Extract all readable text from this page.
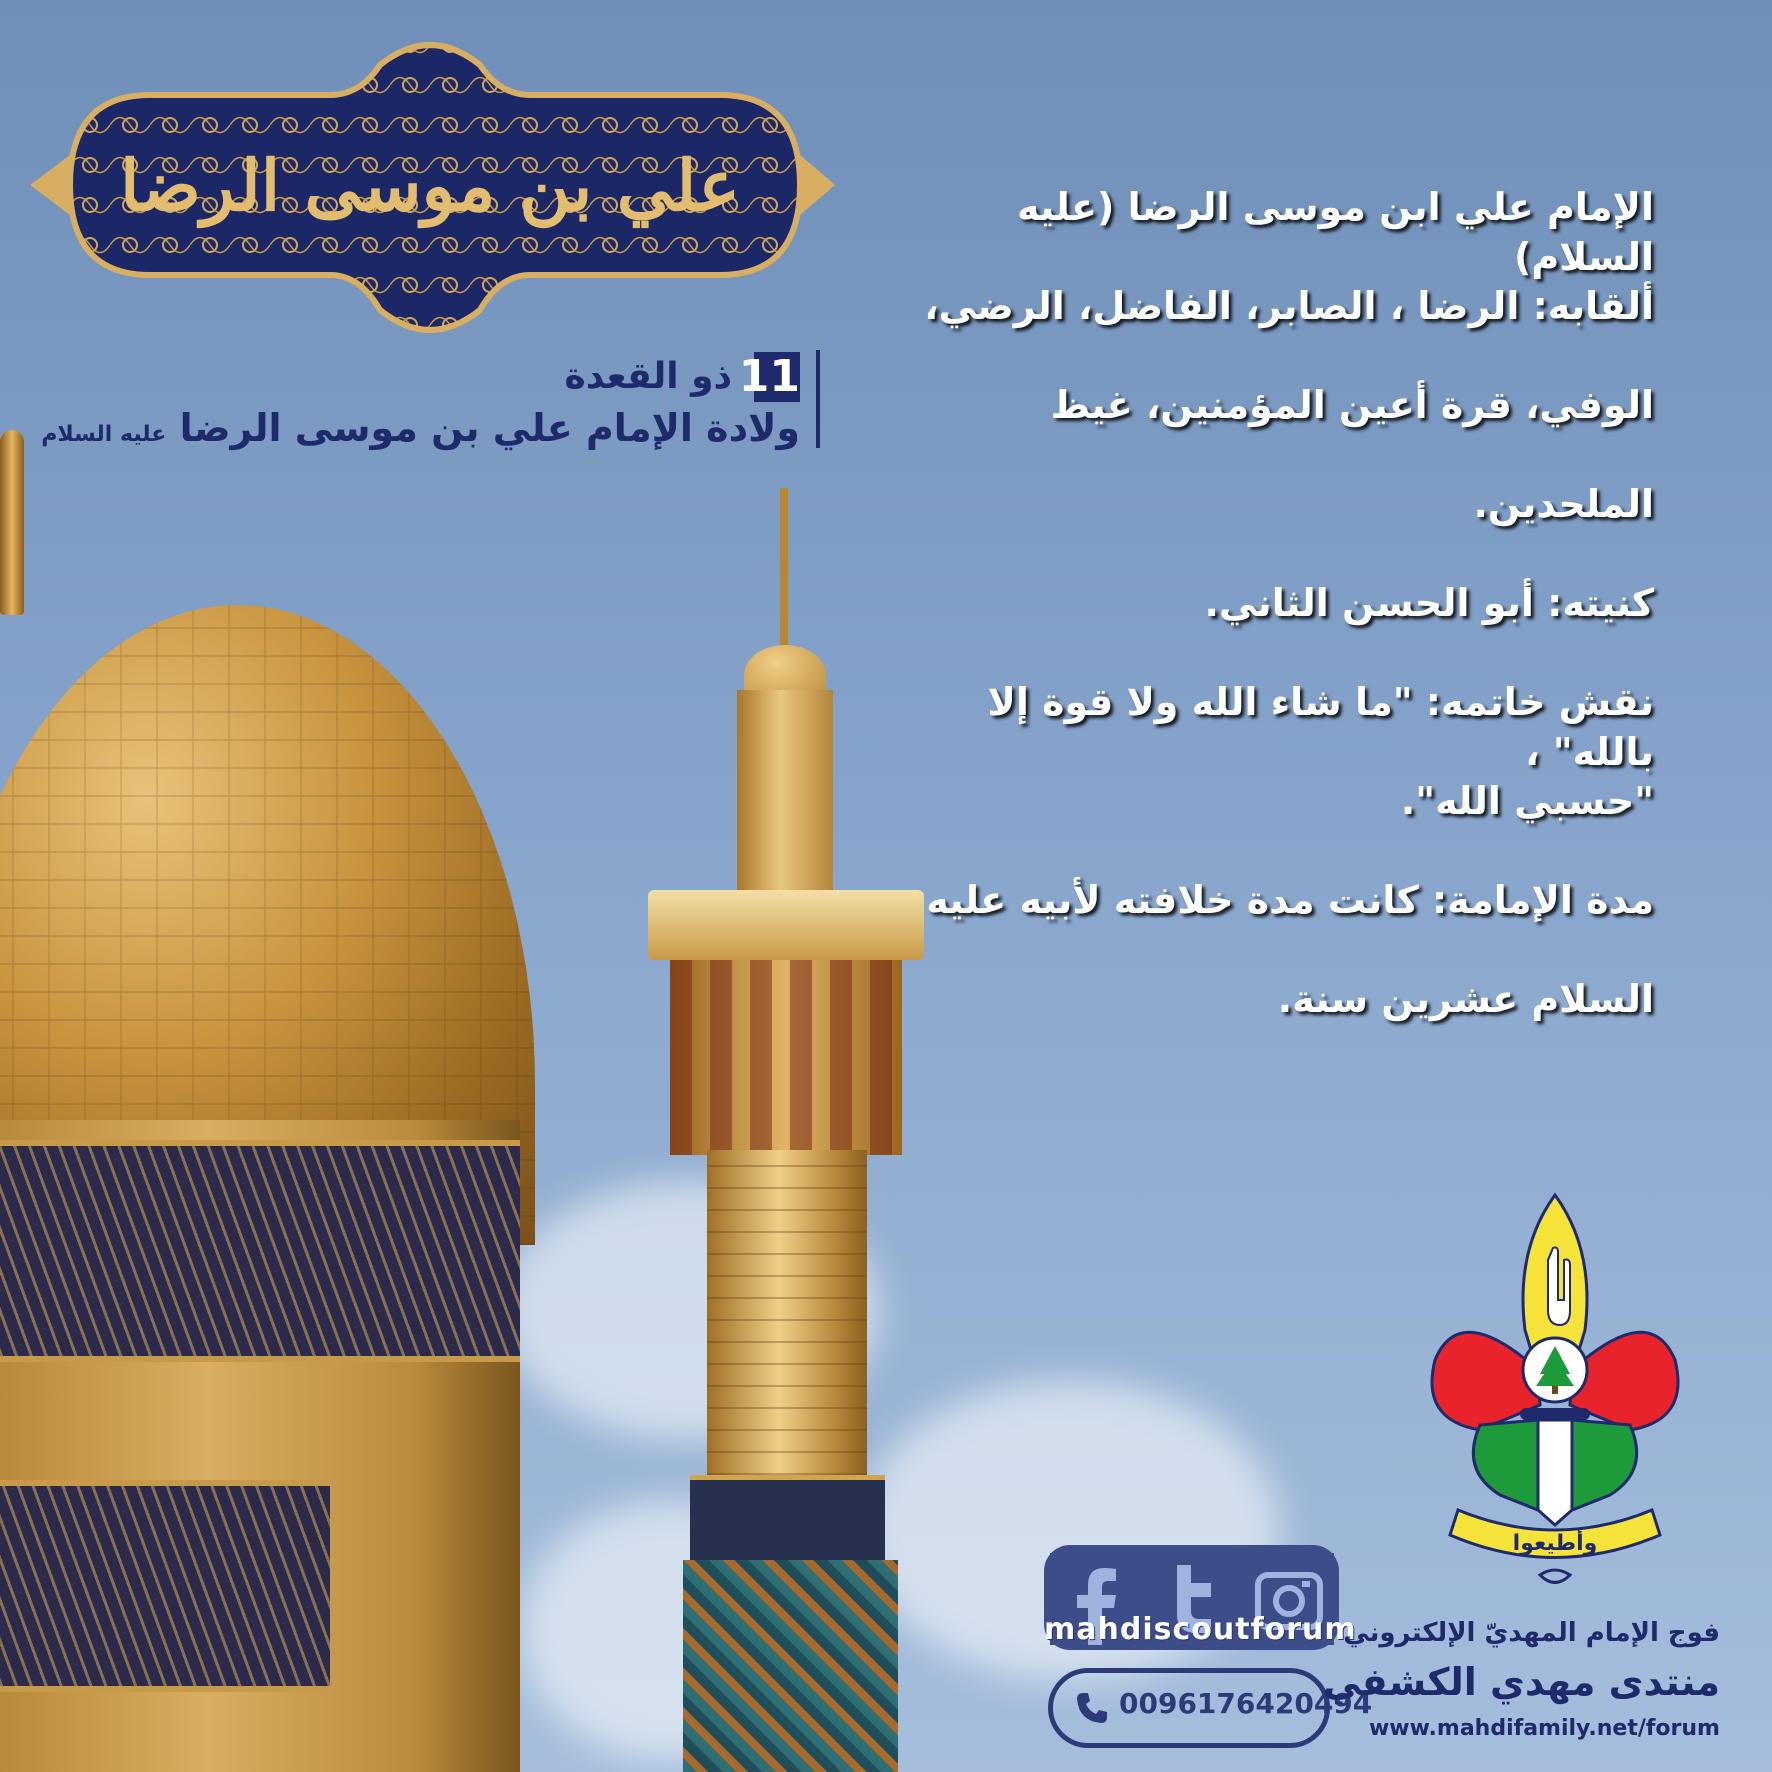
علي بن موسى الرضا
11
ذو القعدة
ولادة الإمام علي بن موسى الرضا عليه السلام

الإمام علي ابن موسى الرضا (عليه السلام)

ألقابه: الرضا ، الصابر، الفاضل، الرضي،

الوفي، قرة أعين المؤمنين، غيظ

الملحدين.

كنيته: أبو الحسن الثاني.

نقش خاتمه: "ما شاء الله ولا قوة إلا بالله" ،

"حسبي الله".

مدة الإمامة: كانت مدة خلافته لأبيه عليه

السلام عشرين سنة.

mahdiscoutforum
0096176420494
وأطيعوا
فوج الإمام المهديّ الإلكتروني
منتدى مهدي الكشفي
www.mahdifamily.net/forum
